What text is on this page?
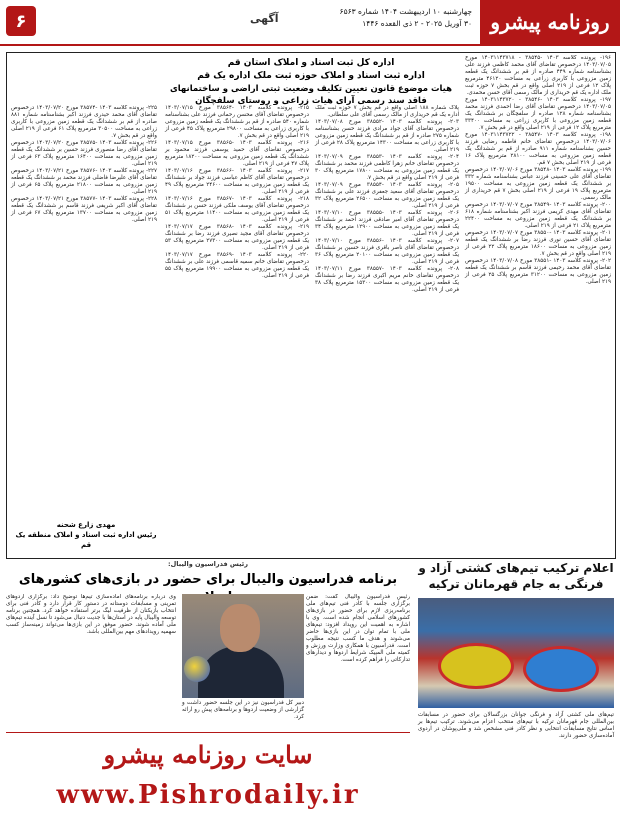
روزنامه پیشرو
چهارشنبه ۱۰ اردیبهشت ۱۴۰۴ شماره ۶۵۶۳
۳۰ آوریل ۲۰۲۵ - ۲ ذی القعده ۱۴۴۶
آگهی
۶
۱۹۶- پرونده کلاسه ۱۴۰۳ -۳۸۵۴۵ - ۱۴۰۳۱۱۴۳۷۱۸ مورخ ۱۴۰۳/۰۷/۰۵ درخصوص تقاضای آقای محمد کاظمی فرزند علی بشناسنامه شماره ۴۴۹ صادره از قم بر ششدانگ یک قطعه زمین مزروعی با کاربری زراعی به مساحت ۴۶۱۲۰ مترمربع پلاک ۱۲ فرعی از ۲۱۹ اصلی واقع در قم بخش ۷ حوزه ثبت ملک اداره یک قم خریداری از مالک رسمی آقای حسن محمدی.
۱۹۷- پرونده کلاسه ۱۴۰۳ -۳۸۵۴۶ - ۱۴۰۳۱۱۴۳۷۲۰ مورخ ۱۴۰۳/۰۷/۰۵ درخصوص تقاضای آقای رضا احمدی فرزند محمد بشناسنامه شماره ۱۲۸ صادره از سلفچگان بر ششدانگ یک قطعه زمین مزروعی با کاربری زراعی به مساحت ۳۳۴۰۰ مترمربع پلاک ۱۲ فرعی از ۲۱۹ اصلی واقع در قم بخش ۷.
۱۹۸- پرونده کلاسه ۱۴۰۳ -۳۸۵۴۷ - ۱۴۰۳۱۱۴۳۷۲۲ مورخ ۱۴۰۳/۰۷/۰۶ درخصوص تقاضای خانم فاطمه رضایی فرزند حسین بشناسنامه شماره ۹۱۱ صادره از قم بر ششدانگ یک قطعه زمین مزروعی به مساحت ۲۸۱۰۰ مترمربع پلاک ۱۶ فرعی از ۲۱۹ اصلی بخش ۷ قم.
۱۹۹- پرونده کلاسه ۱۴۰۳ -۳۸۵۴۸ مورخ ۱۴۰۳/۰۷/۰۶ درخصوص تقاضای آقای علی حسینی فرزند عباس بشناسنامه شماره ۳۳۲ بر ششدانگ یک قطعه زمین مزروعی به مساحت ۱۹۵۰۰ مترمربع پلاک ۱۹ فرعی از ۲۱۹ اصلی بخش ۷ قم خریداری از مالک رسمی.
۲۰۰- پرونده کلاسه ۱۴۰۳ -۳۸۵۴۹ مورخ ۱۴۰۳/۰۷/۰۷ درخصوص تقاضای آقای مهدی کریمی فرزند اکبر بشناسنامه شماره ۶۱۸ بر ششدانگ یک قطعه زمین مزروعی به مساحت ۲۲۴۰۰ مترمربع پلاک ۲۱ فرعی از ۲۱۹ اصلی.
۲۰۱- پرونده کلاسه ۱۴۰۳ -۳۸۵۵۰ مورخ ۱۴۰۳/۰۷/۰۷ درخصوص تقاضای آقای حسین نوری فرزند رضا بر ششدانگ یک قطعه زمین مزروعی به مساحت ۱۸۶۰۰ مترمربع پلاک ۲۲ فرعی از ۲۱۹ اصلی واقع در قم بخش ۷.
۲۰۲- پرونده کلاسه ۱۴۰۳ -۳۸۵۵۱ مورخ ۱۴۰۳/۰۷/۰۸ درخصوص تقاضای آقای محمد رحیمی فرزند قاسم بر ششدانگ یک قطعه زمین مزروعی به مساحت ۳۱۲۰۰ مترمربع پلاک ۲۵ فرعی از ۲۱۹ اصلی.
پلاک شماره ۱۸۸ اصلی واقع در قم بخش ۷ حوزه ثبت ملک اداره یک قم خریداری از مالک رسمی آقای علی سلطانی.
۲۰۳- پرونده کلاسه ۱۴۰۳ -۳۸۵۵۲ مورخ ۱۴۰۳/۰۷/۰۸ درخصوص تقاضای آقای جواد مرادی فرزند حسن بشناسنامه شماره ۲۷۵ صادره از قم بر ششدانگ یک قطعه زمین مزروعی با کاربری زراعی به مساحت ۱۴۳۰۰ مترمربع پلاک ۲۸ فرعی از ۲۱۹ اصلی.
۲۰۴- پرونده کلاسه ۱۴۰۳ -۳۸۵۵۳ مورخ ۱۴۰۳/۰۷/۰۹ درخصوص تقاضای خانم زهرا کاظمی فرزند محمد بر ششدانگ یک قطعه زمین مزروعی به مساحت ۱۷۸۰۰ مترمربع پلاک ۳۰ فرعی از ۲۱۹ اصلی واقع در قم بخش ۷.
۲۰۵- پرونده کلاسه ۱۴۰۳ -۳۸۵۵۴ مورخ ۱۴۰۳/۰۷/۰۹ درخصوص تقاضای آقای سعید جعفری فرزند علی بر ششدانگ یک قطعه زمین مزروعی به مساحت ۲۶۵۰۰ مترمربع پلاک ۳۲ فرعی از ۲۱۹ اصلی.
۲۰۶- پرونده کلاسه ۱۴۰۳ -۳۸۵۵۵ مورخ ۱۴۰۳/۰۷/۱۰ درخصوص تقاضای آقای امیر صادقی فرزند احمد بر ششدانگ یک قطعه زمین مزروعی به مساحت ۱۲۹۰۰ مترمربع پلاک ۳۴ فرعی از ۲۱۹ اصلی.
۲۰۷- پرونده کلاسه ۱۴۰۳ -۳۸۵۵۶ مورخ ۱۴۰۳/۰۷/۱۰ درخصوص تقاضای آقای ناصر باقری فرزند حسین بر ششدانگ یک قطعه زمین مزروعی به مساحت ۲۰۱۰۰ مترمربع پلاک ۳۶ فرعی از ۲۱۹ اصلی.
۲۰۸- پرونده کلاسه ۱۴۰۳ -۳۸۵۵۷ مورخ ۱۴۰۳/۰۷/۱۱ درخصوص تقاضای خانم مریم اکبری فرزند رضا بر ششدانگ یک قطعه زمین مزروعی به مساحت ۱۵۳۰۰ مترمربع پلاک ۳۸ فرعی از ۲۱۹ اصلی.
اداره کل ثبت اسناد و املاک استان قم
اداره ثبت اسناد و املاک حوزه ثبت ملک اداره یک قم
هیات موضوع قانون تعیین تکلیف وضعیت ثبتی اراضی و ساختمانهای فاقد سند رسمی آرای هیات زراعی و روستای سلفچگان
۲۱۵- پرونده کلاسه ۱۴۰۳ -۳۸۵۶۴ مورخ ۱۴۰۳/۰۷/۱۵ درخصوص تقاضای آقای محسن رحمانی فرزند علی بشناسنامه شماره ۵۴۰ صادره از قم بر ششدانگ یک قطعه زمین مزروعی با کاربری زراعی به مساحت ۲۹۸۰۰ مترمربع پلاک ۴۵ فرعی از ۲۱۹ اصلی واقع در قم بخش ۷.
۲۱۶- پرونده کلاسه ۱۴۰۳ -۳۸۵۶۵ مورخ ۱۴۰۳/۰۷/۱۵ درخصوص تقاضای آقای حمید یوسفی فرزند محمود بر ششدانگ یک قطعه زمین مزروعی به مساحت ۱۸۲۰۰ مترمربع پلاک ۴۷ فرعی از ۲۱۹ اصلی.
۲۱۷- پرونده کلاسه ۱۴۰۳ -۳۸۵۶۶ مورخ ۱۴۰۳/۰۷/۱۶ درخصوص تقاضای آقای کاظم عباسی فرزند جواد بر ششدانگ یک قطعه زمین مزروعی به مساحت ۲۴۶۰۰ مترمربع پلاک ۴۹ فرعی از ۲۱۹ اصلی.
۲۱۸- پرونده کلاسه ۱۴۰۳ -۳۸۵۶۷ مورخ ۱۴۰۳/۰۷/۱۶ درخصوص تقاضای آقای یوسف ملکی فرزند حسن بر ششدانگ یک قطعه زمین مزروعی به مساحت ۱۱۴۰۰ مترمربع پلاک ۵۱ فرعی از ۲۱۹ اصلی.
۲۱۹- پرونده کلاسه ۱۴۰۳ -۳۸۵۶۸ مورخ ۱۴۰۳/۰۷/۱۷ درخصوص تقاضای آقای مجید نصیری فرزند رضا بر ششدانگ یک قطعه زمین مزروعی به مساحت ۲۷۳۰۰ مترمربع پلاک ۵۳ فرعی از ۲۱۹ اصلی.
۲۲۰- پرونده کلاسه ۱۴۰۳ -۳۸۵۶۹ مورخ ۱۴۰۳/۰۷/۱۷ درخصوص تقاضای خانم سمیه قاسمی فرزند علی بر ششدانگ یک قطعه زمین مزروعی به مساحت ۱۹۹۰۰ مترمربع پلاک ۵۵ فرعی از ۲۱۹ اصلی.
۲۲۵- پرونده کلاسه ۱۴۰۳ -۳۸۵۷۴ مورخ ۱۴۰۳/۰۷/۲۰ درخصوص تقاضای آقای محمد حیدری فرزند اکبر بشناسنامه شماره ۸۸۱ صادره از قم بر ششدانگ یک قطعه زمین مزروعی با کاربری زراعی به مساحت ۳۰۵۰۰ مترمربع پلاک ۶۱ فرعی از ۲۱۹ اصلی واقع در قم بخش ۷.
۲۲۶- پرونده کلاسه ۱۴۰۳ -۳۸۵۷۵ مورخ ۱۴۰۳/۰۷/۲۰ درخصوص تقاضای آقای رضا منصوری فرزند حسین بر ششدانگ یک قطعه زمین مزروعی به مساحت ۱۶۴۰۰ مترمربع پلاک ۶۳ فرعی از ۲۱۹ اصلی.
۲۲۷- پرونده کلاسه ۱۴۰۳ -۳۸۵۷۶ مورخ ۱۴۰۳/۰۷/۲۱ درخصوص تقاضای آقای علیرضا فاضلی فرزند محمد بر ششدانگ یک قطعه زمین مزروعی به مساحت ۲۱۸۰۰ مترمربع پلاک ۶۵ فرعی از ۲۱۹ اصلی.
۲۲۸- پرونده کلاسه ۱۴۰۳ -۳۸۵۷۷ مورخ ۱۴۰۳/۰۷/۲۱ درخصوص تقاضای آقای اکبر شریفی فرزند قاسم بر ششدانگ یک قطعه زمین مزروعی به مساحت ۱۳۷۰۰ مترمربع پلاک ۶۷ فرعی از ۲۱۹ اصلی.
مهدی زارع شحنه
رئیس اداره ثبت اسناد و املاک منطقه یک قم
اعلام ترکیب تیم‌های کشتی آزاد و فرنگی به جام قهرمانان ترکیه
تیم‌های ملی کشتی آزاد و فرنگی جوانان بزرگسالان برای حضور در مسابقات بین‌المللی جام قهرمانان ترکیه با تیم‌های منتخب اعزام می‌شوند. ترکیب تیم‌ها بر اساس نتایج مسابقات انتخابی و نظر کادر فنی مشخص شد و ملی‌پوشان در اردوی آماده‌سازی حضور دارند.
رئیس فدراسیون والیبال:
برنامه فدراسیون والیبال برای حضور در بازی‌های کشورهای
رئیس فدراسیون والیبال گفت: ضمن برگزاری جلسه با کادر فنی تیم‌های ملی برنامه‌ریزی لازم برای حضور در بازی‌های کشورهای اسلامی انجام شده است. وی با اشاره به اهمیت این رویداد افزود: تیم‌های ملی با تمام توان در این بازی‌ها حاضر می‌شوند و هدف ما کسب نتیجه مطلوب است. فدراسیون با همکاری وزارت ورزش و کمیته ملی المپیک شرایط اردوها و دیدارهای تدارکاتی را فراهم کرده است.
دبیر کل فدراسیون نیز در این جلسه حضور داشت و گزارشی از وضعیت اردوها و برنامه‌های پیش رو ارائه کرد.
وی درباره برنامه‌های آماده‌سازی تیم‌ها توضیح داد: برگزاری اردوهای تمرینی و مسابقات دوستانه در دستور کار قرار دارد و کادر فنی برای انتخاب بازیکنان از ظرفیت لیگ برتر استفاده خواهد کرد. همچنین برنامه توسعه والیبال پایه در استان‌ها با جدیت دنبال می‌شود تا نسل آینده تیم‌های ملی آماده شوند. حضور موفق در این بازی‌ها می‌تواند زمینه‌ساز کسب سهمیه رویدادهای مهم بین‌المللی باشد.
سایت روزنامه پیشرو
www.Pishrodaily.ir
